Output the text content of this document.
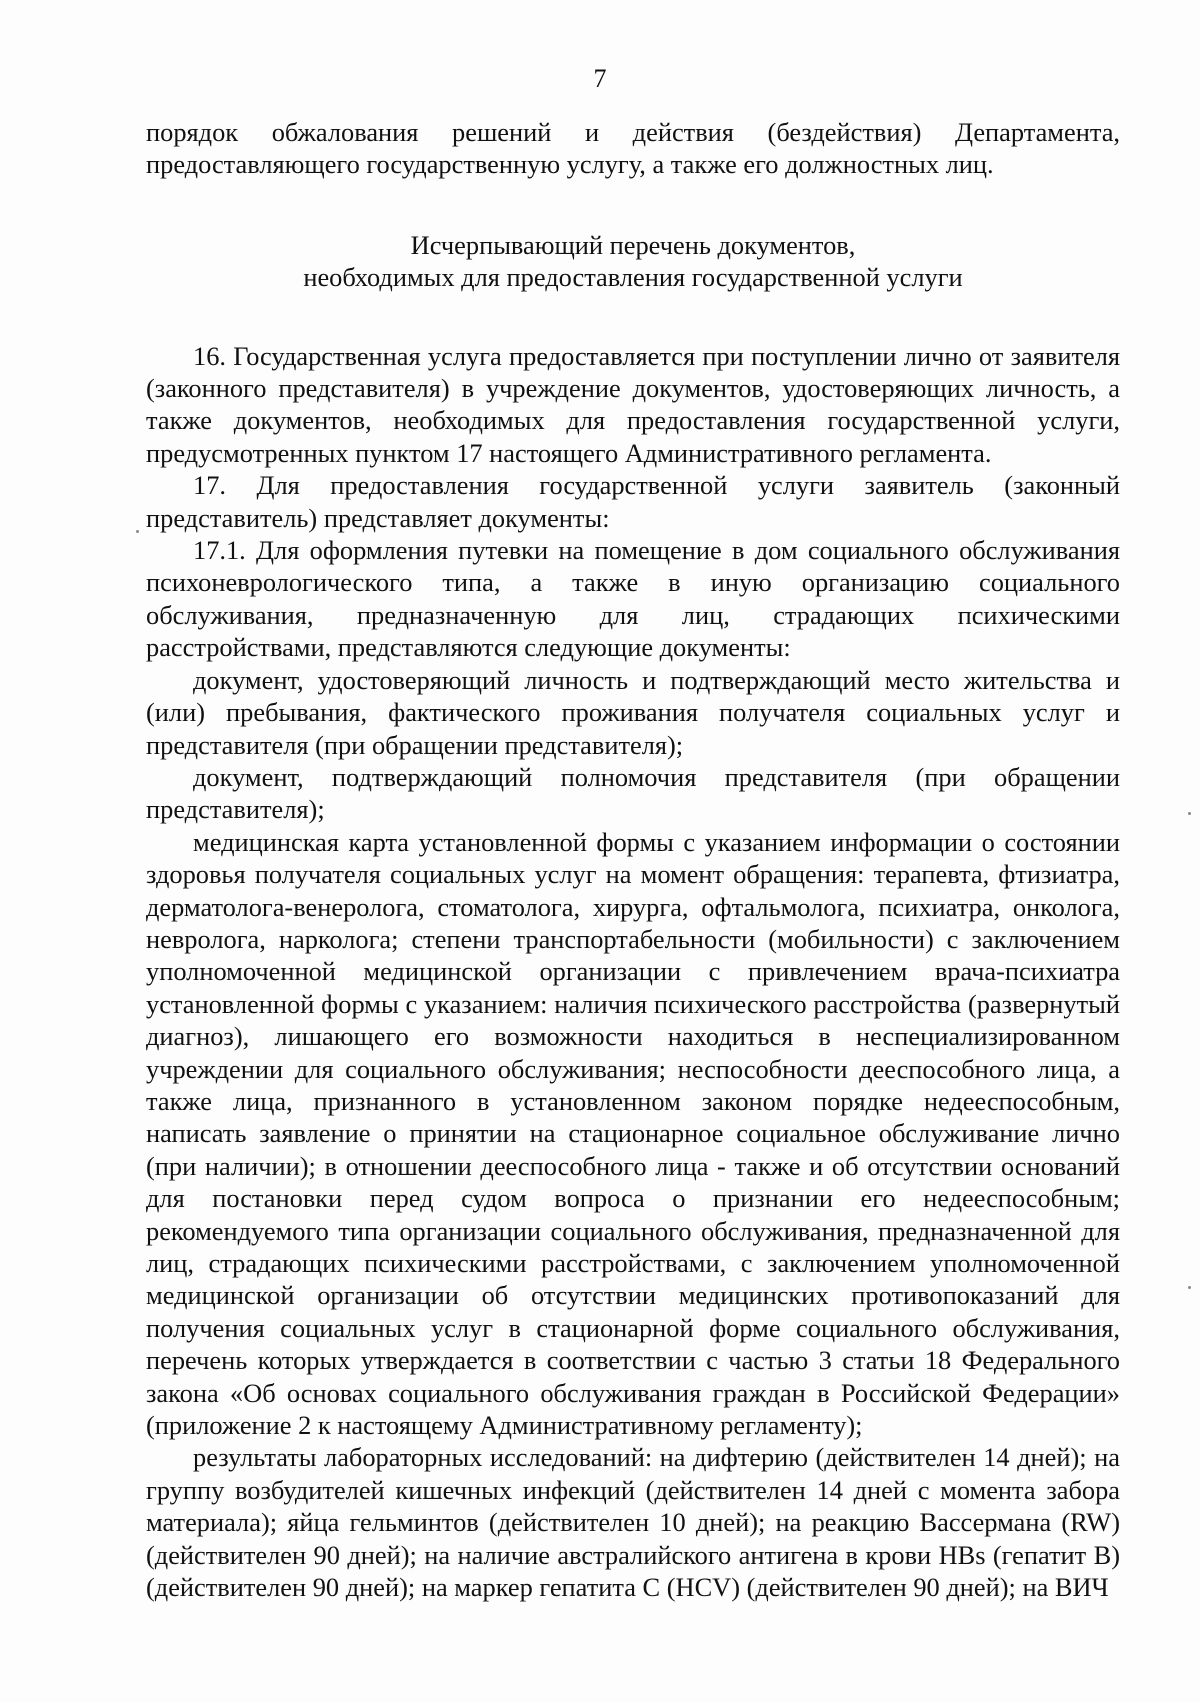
7

порядок обжалования решений и действия (бездействия) Департамента, предоставляющего государственную услугу, а также его должностных лиц.

Исчерпывающий перечень документов,
необходимых для предоставления государственной услуги

16. Государственная услуга предоставляется при поступлении лично от заявителя (законного представителя) в учреждение документов, удостоверяющих личность, а также документов, необходимых для предоставления государственной услуги, предусмотренных пунктом 17 настоящего Административного регламента.

17. Для предоставления государственной услуги заявитель (законный представитель) представляет документы:

17.1. Для оформления путевки на помещение в дом социального обслуживания психоневрологического типа, а также в иную организацию социального обслуживания, предназначенную для лиц, страдающих психическими расстройствами, представляются следующие документы:

документ, удостоверяющий личность и подтверждающий место жительства и (или) пребывания, фактического проживания получателя социальных услуг и представителя (при обращении представителя);

документ, подтверждающий полномочия представителя (при обращении представителя);

медицинская карта установленной формы с указанием информации о состоянии здоровья получателя социальных услуг на момент обращения: терапевта, фтизиатра, дерматолога-венеролога, стоматолога, хирурга, офтальмолога, психиатра, онколога, невролога, нарколога; степени транспортабельности (мобильности) с заключением уполномоченной медицинской организации с привлечением врача-психиатра установленной формы с указанием: наличия психического расстройства (развернутый диагноз), лишающего его возможности находиться в неспециализированном учреждении для социального обслуживания; неспособности дееспособного лица, а также лица, признанного в установленном законом порядке недееспособным, написать заявление о принятии на стационарное социальное обслуживание лично (при наличии); в отношении дееспособного лица - также и об отсутствии оснований для постановки перед судом вопроса о признании его недееспособным; рекомендуемого типа организации социального обслуживания, предназначенной для лиц, страдающих психическими расстройствами, с заключением уполномоченной медицинской организации об отсутствии медицинских противопоказаний для получения социальных услуг в стационарной форме социального обслуживания, перечень которых утверждается в соответствии с частью 3 статьи 18 Федерального закона «Об основах социального обслуживания граждан в Российской Федерации» (приложение 2 к настоящему Административному регламенту);

результаты лабораторных исследований: на дифтерию (действителен 14 дней); на группу возбудителей кишечных инфекций (действителен 14 дней с момента забора материала); яйца гельминтов (действителен 10 дней); на реакцию Вассермана (RW) (действителен 90 дней); на наличие австралийского антигена в крови HBs (гепатит В) (действителен 90 дней); на маркер гепатита С (HCV) (действителен 90 дней); на ВИЧ
